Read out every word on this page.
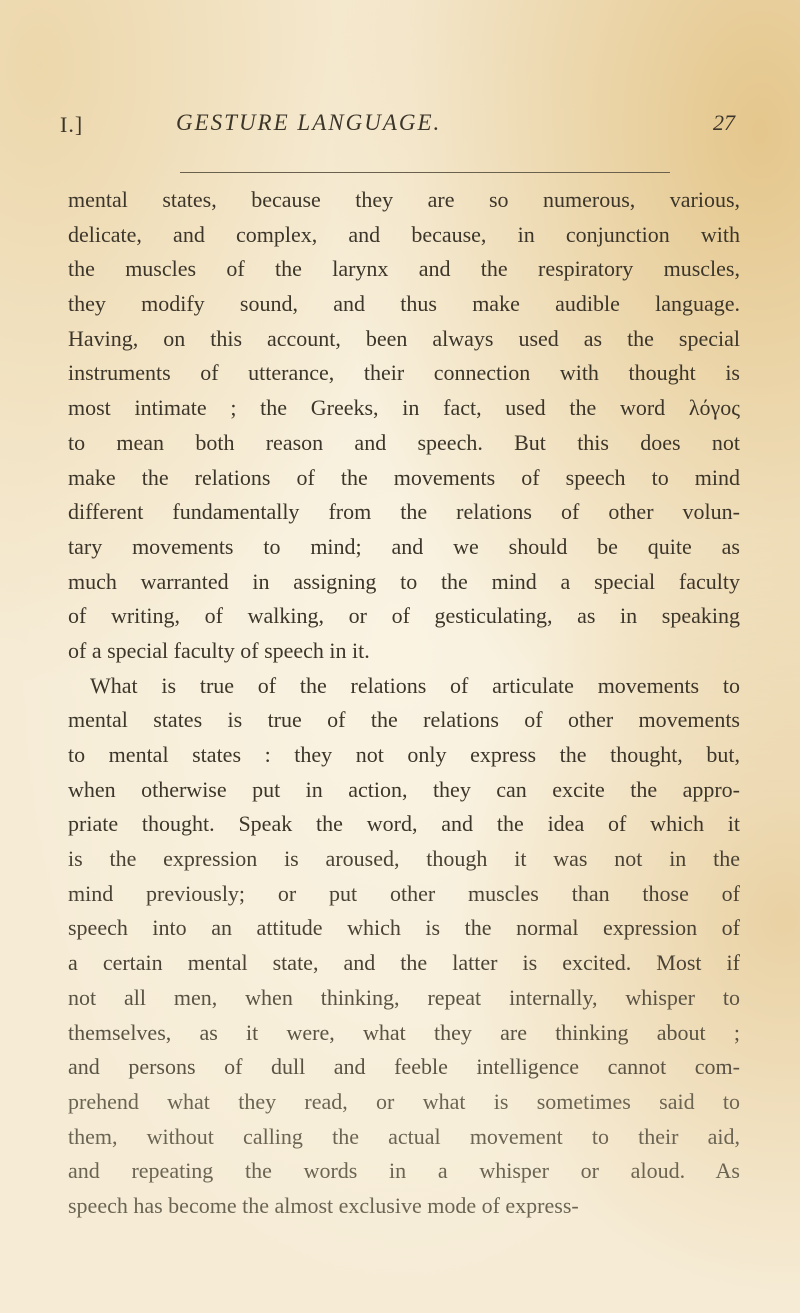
I.]	GESTURE LANGUAGE.	27
mental states, because they are so numerous, various,
delicate, and complex, and because, in conjunction with
the muscles of the larynx and the respiratory muscles,
they modify sound, and thus make audible language.
Having, on this account, been always used as the special
instruments of utterance, their connection with thought is
most intimate ; the Greeks, in fact, used the word λόγος
to mean both reason and speech. But this does not
make the relations of the movements of speech to mind
different fundamentally from the relations of other volun-
tary movements to mind; and we should be quite as
much warranted in assigning to the mind a special faculty
of writing, of walking, or of gesticulating, as in speaking
of a special faculty of speech in it.
What is true of the relations of articulate movements to
mental states is true of the relations of other movements
to mental states : they not only express the thought, but,
when otherwise put in action, they can excite the appro-
priate thought. Speak the word, and the idea of which it
is the expression is aroused, though it was not in the
mind previously; or put other muscles than those of
speech into an attitude which is the normal expression of
a certain mental state, and the latter is excited. Most if
not all men, when thinking, repeat internally, whisper to
themselves, as it were, what they are thinking about ;
and persons of dull and feeble intelligence cannot com-
prehend what they read, or what is sometimes said to
them, without calling the actual movement to their aid,
and repeating the words in a whisper or aloud. As
speech has become the almost exclusive mode of express-
